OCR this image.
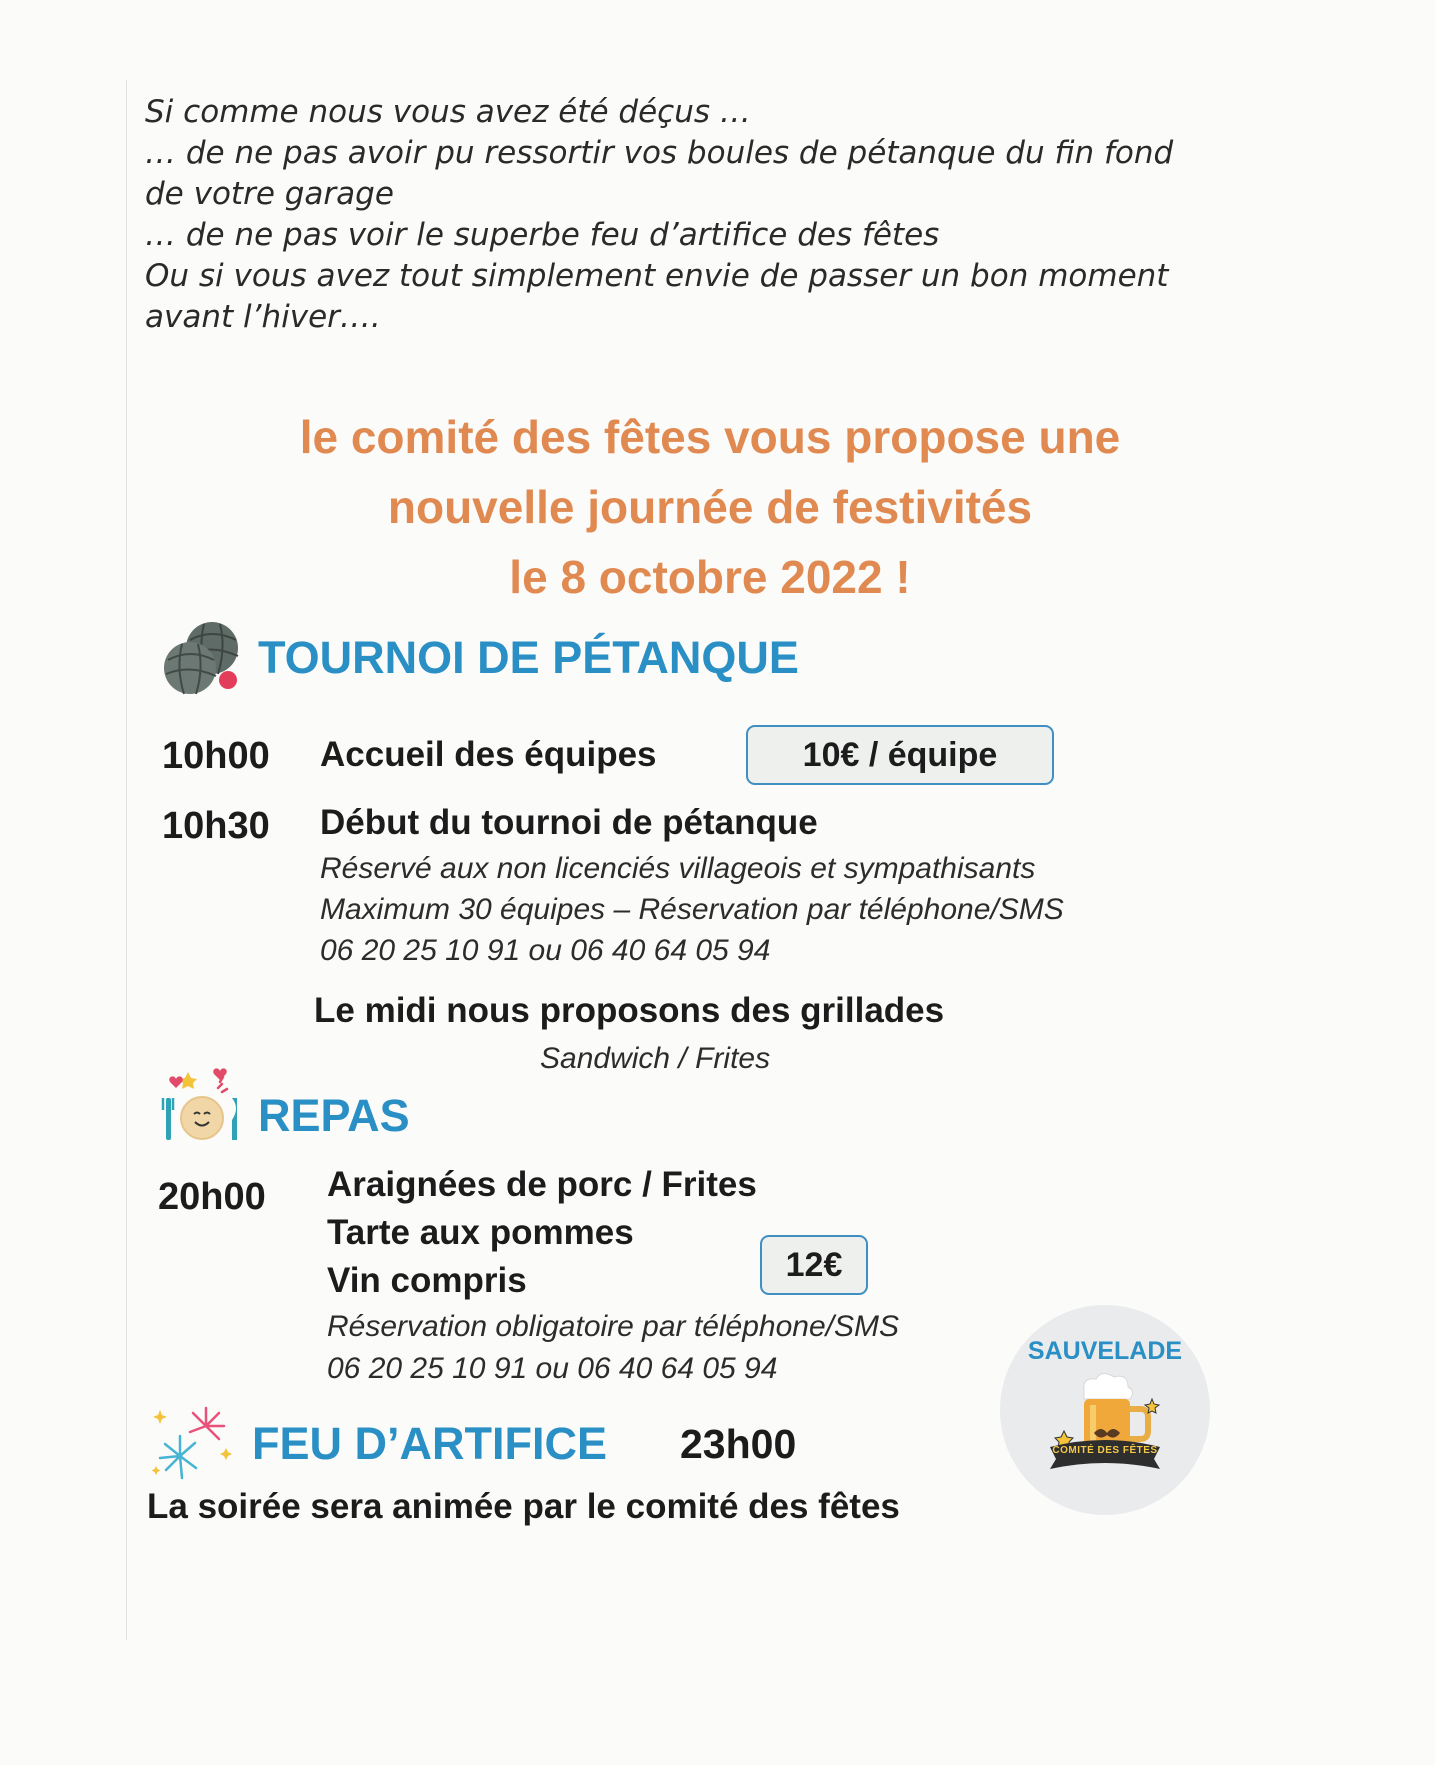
Si comme nous vous avez été déçus …

… de ne pas avoir pu ressortir vos boules de pétanque du fin fond de votre garage

… de ne pas voir le superbe feu d’artifice des fêtes

Ou si vous avez tout simplement envie de passer un bon moment avant l’hiver….

le comité des fêtes vous propose une
nouvelle journée de festivités
le 8 octobre 2022 !
TOURNOI DE PÉTANQUE
10h00 Accueil des équipes	10€ / équipe
10h30 Début du tournoi de pétanque
Réservé aux non licenciés villageois et sympathisants
Maximum 30 équipes – Réservation par téléphone/SMS
06 20 25 10 91 ou 06 40 64 05 94
Le midi nous proposons des grillades
Sandwich / Frites
REPAS
20h00 Araignées de porc / Frites
Tarte aux pommes
Vin compris	12€
Réservation obligatoire par téléphone/SMS
06 20 25 10 91 ou 06 40 64 05 94
FEU D’ARTIFICE 23h00
La soirée sera animée par le comité des fêtes
SAUVELADE
COMITÉ DES FÊTES
